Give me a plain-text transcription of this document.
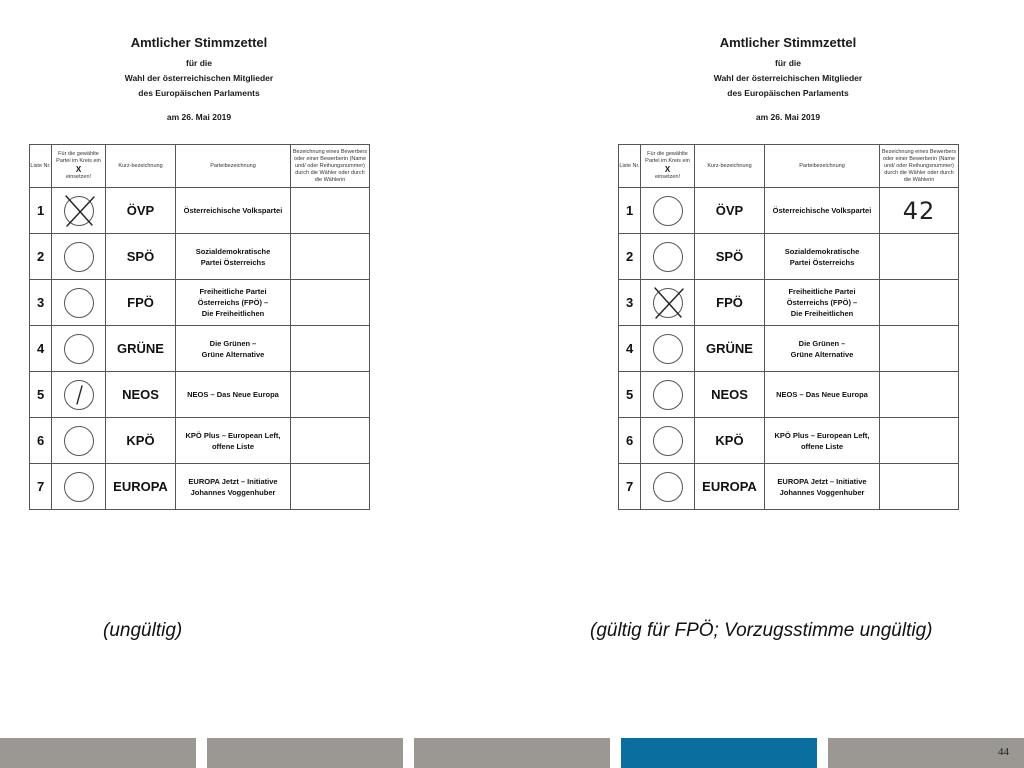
Amtlicher Stimmzettel
für die
Wahl der österreichischen Mitglieder
des Europäischen Parlaments
am 26. Mai 2019
Liste Nr.	Für die gewählte Partei im Kreis ein
X
einsetzen!	Kurz-bezeichnung	Parteibezeichnung	Bezeichnung eines Bewerbers oder einer Bewerberin (Name und/ oder Reihungsnummer) durch die Wähler oder durch die Wählerin
1		ÖVP	Österreichische Volkspartei	

2		SPÖ	Sozialdemokratische
Partei Österreichs	

3		FPÖ	Freiheitliche Partei
Österreichs (FPÖ) –
Die Freiheitlichen	

4		GRÜNE	Die Grünen –
Grüne Alternative	

5		NEOS	NEOS – Das Neue Europa	

6		KPÖ	KPÖ Plus – European Left,
offene Liste	

7		EUROPA	EUROPA Jetzt – Initiative
Johannes Voggenhuber	

Amtlicher Stimmzettel
für die
Wahl der österreichischen Mitglieder
des Europäischen Parlaments
am 26. Mai 2019
Liste Nr.	Für die gewählte Partei im Kreis ein
X
einsetzen!	Kurz-bezeichnung	Parteibezeichnung	Bezeichnung eines Bewerbers oder einer Bewerberin (Name und/ oder Reihungsnummer) durch die Wähler oder durch die Wählerin
1		ÖVP	Österreichische Volkspartei	42
2		SPÖ	Sozialdemokratische
Partei Österreichs	

3		FPÖ	Freiheitliche Partei
Österreichs (FPÖ) –
Die Freiheitlichen	

4		GRÜNE	Die Grünen –
Grüne Alternative	

5		NEOS	NEOS – Das Neue Europa	

6		KPÖ	KPÖ Plus – European Left,
offene Liste	

7		EUROPA	EUROPA Jetzt – Initiative
Johannes Voggenhuber	

(ungültig)	(gültig für FPÖ; Vorzugsstimme ungültig)
44
